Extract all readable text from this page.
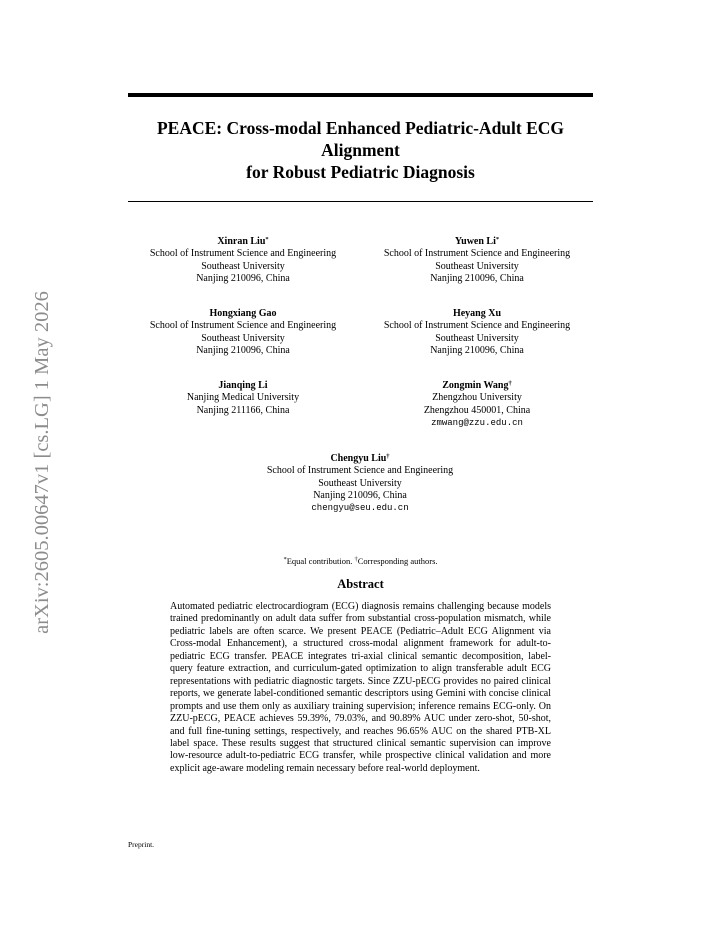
arXiv:2605.00647v1 [cs.LG] 1 May 2026
PEACE: Cross-modal Enhanced Pediatric-Adult ECG
Alignment
for Robust Pediatric Diagnosis
Xinran Liu*
School of Instrument Science and Engineering
Southeast University
Nanjing 210096, China
Yuwen Li*
School of Instrument Science and Engineering
Southeast University
Nanjing 210096, China
Hongxiang Gao
School of Instrument Science and Engineering
Southeast University
Nanjing 210096, China
Heyang Xu
School of Instrument Science and Engineering
Southeast University
Nanjing 210096, China
Jianqing Li
Nanjing Medical University
Nanjing 211166, China
Zongmin Wang†
Zhengzhou University
Zhengzhou 450001, China
zmwang@zzu.edu.cn
Chengyu Liu†
School of Instrument Science and Engineering
Southeast University
Nanjing 210096, China
chengyu@seu.edu.cn
*Equal contribution. †Corresponding authors.
Abstract
Automated pediatric electrocardiogram (ECG) diagnosis remains challenging because models trained predominantly on adult data suffer from substantial cross-population mismatch, while pediatric labels are often scarce. We present PEACE (Pediatric–Adult ECG Alignment via Cross-modal Enhancement), a structured cross-modal alignment framework for adult-to-pediatric ECG transfer. PEACE integrates tri-axial clinical semantic decomposition, label-query feature extraction, and curriculum-gated optimization to align transferable adult ECG representations with pediatric diagnostic targets. Since ZZU-pECG provides no paired clinical reports, we generate label-conditioned semantic descriptors using Gemini with concise clinical prompts and use them only as auxiliary training supervision; inference remains ECG-only. On ZZU-pECG, PEACE achieves 59.39%, 79.03%, and 90.89% AUC under zero-shot, 50-shot, and full fine-tuning settings, respectively, and reaches 96.65% AUC on the shared PTB-XL label space. These results suggest that structured clinical semantic supervision can improve low-resource adult-to-pediatric ECG transfer, while prospective clinical validation and more explicit age-aware modeling remain necessary before real-world deployment.
Preprint.
